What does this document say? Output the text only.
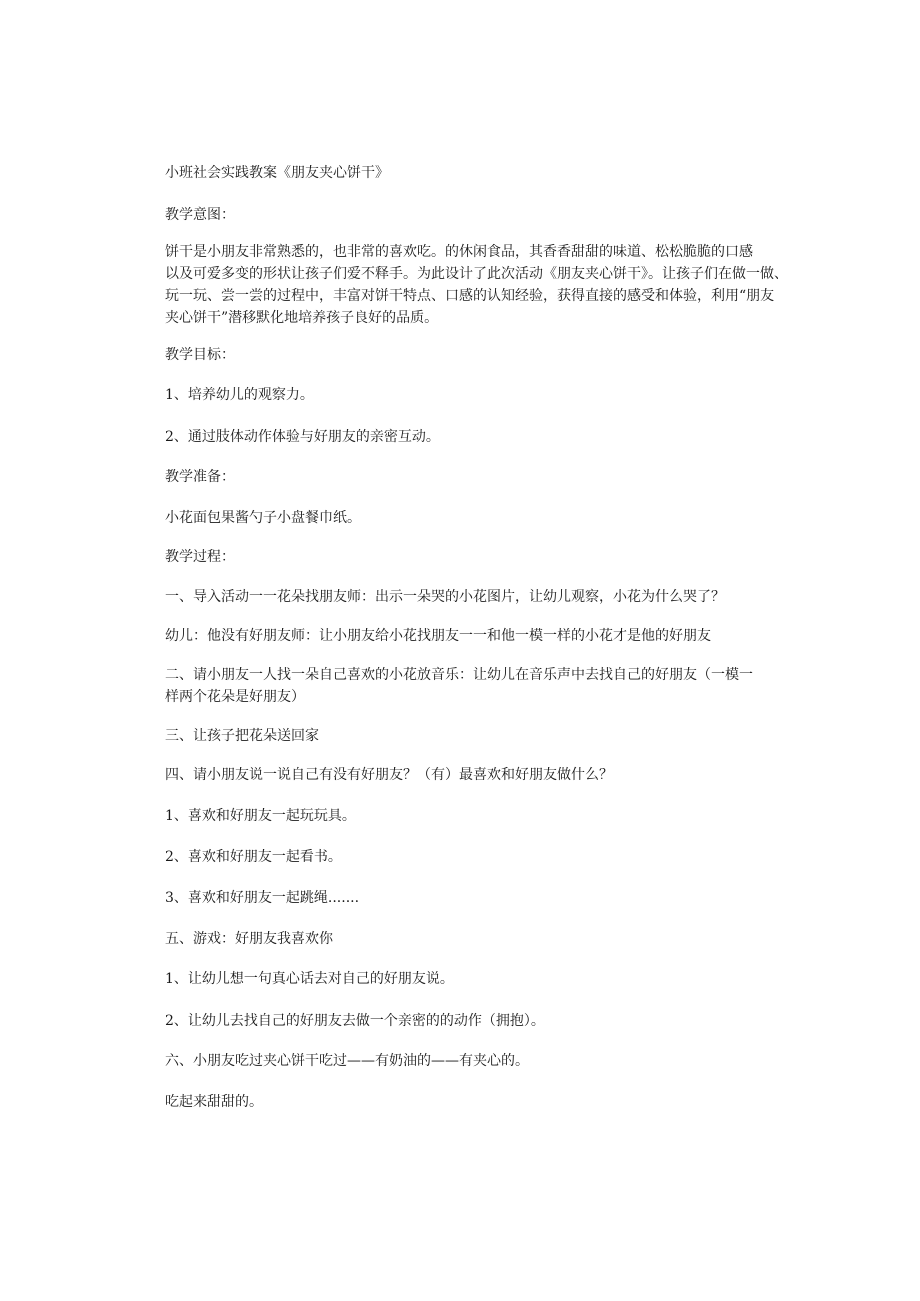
小班社会实践教案《朋友夹心饼干》
教学意图：
饼干是小朋友非常熟悉的，也非常的喜欢吃。的休闲食品，其香香甜甜的味道、松松脆脆的口感
以及可爱多变的形状让孩子们爱不释手。为此设计了此次活动《朋友夹心饼干》。让孩子们在做一做、
玩一玩、尝一尝的过程中，丰富对饼干特点、口感的认知经验，获得直接的感受和体验，利用“朋友
夹心饼干”潜移默化地培养孩子良好的品质。
教学目标：
1、培养幼儿的观察力。
2、通过肢体动作体验与好朋友的亲密互动。
教学准备：
小花面包果酱勺子小盘餐巾纸。
教学过程：
一、导入活动一一花朵找朋友师：出示一朵哭的小花图片，让幼儿观察，小花为什么哭了？
幼儿：他没有好朋友师：让小朋友给小花找朋友一一和他一模一样的小花才是他的好朋友
二、请小朋友一人找一朵自己喜欢的小花放音乐：让幼儿在音乐声中去找自己的好朋友（一模一
样两个花朵是好朋友）
三、让孩子把花朵送回家
四、请小朋友说一说自己有没有好朋友？（有）最喜欢和好朋友做什么？
1、喜欢和好朋友一起玩玩具。
2、喜欢和好朋友一起看书。
3、喜欢和好朋友一起跳绳.......
五、游戏：好朋友我喜欢你
1、让幼儿想一句真心话去对自己的好朋友说。
2、让幼儿去找自己的好朋友去做一个亲密的的动作（拥抱）。
六、小朋友吃过夹心饼干吃过——有奶油的——有夹心的。
吃起来甜甜的。
